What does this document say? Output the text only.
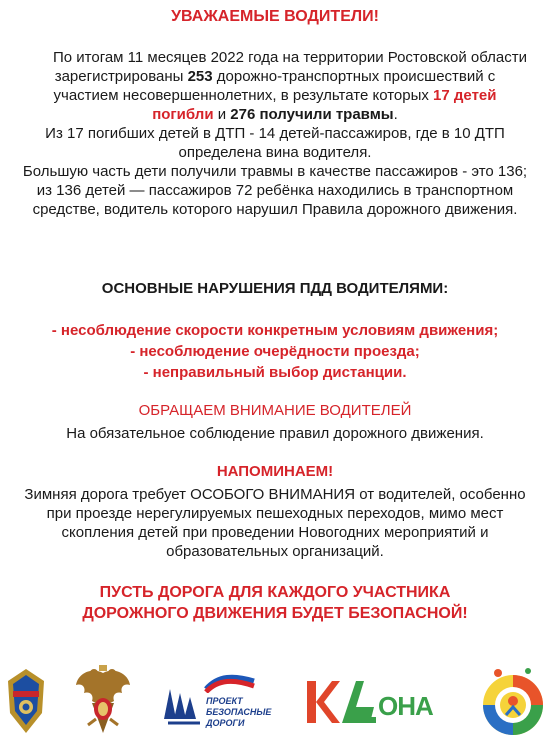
УВАЖАЕМЫЕ ВОДИТЕЛИ!

По итогам 11 месяцев 2022 года на территории Ростовской области зарегистрированы 253 дорожно-транспортных происшествий с участием несовершеннолетних, в результате которых 17 детей погибли и 276 получили травмы.

Из 17 погибших детей в ДТП - 14 детей-пассажиров, где в 10 ДТП определена вина водителя.

Большую часть дети получили травмы в качестве пассажиров - это 136; из 136 детей — пассажиров 72 ребёнка находились в транспортном средстве, водитель которого нарушил Правила дорожного движения.

ОСНОВНЫЕ НАРУШЕНИЯ ПДД ВОДИТЕЛЯМИ:
- несоблюдение скорости конкретным условиям движения;
- несоблюдение очерёдности проезда;
- неправильный выбор дистанции.
ОБРАЩАЕМ ВНИМАНИЕ ВОДИТЕЛЕЙ
На обязательное соблюдение правил дорожного движения.
НАПОМИНАЕМ!
Зимняя дорога требует ОСОБОГО ВНИМАНИЯ от водителей, особенно при проезде нерегулируемых пешеходных переходов, мимо мест скопления детей при проведении Новогодних мероприятий и образовательных организаций.
ПУСТЬ ДОРОГА ДЛЯ КАЖДОГО УЧАСТНИКА
ДОРОЖНОГО ДВИЖЕНИЯ БУДЕТ БЕЗОПАСНОЙ!
ПРОЕКТ
БЕЗОПАСНЫЕ
ДОРОГИ
ОНА
